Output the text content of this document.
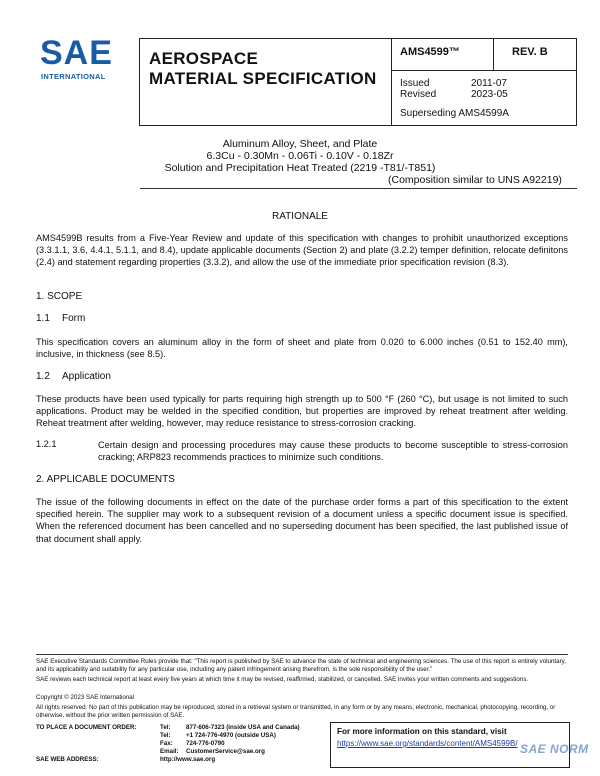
SAE
INTERNATIONAL
AEROSPACE
MATERIAL SPECIFICATION
AMS4599™	REV. B
Issued	2011-07
Revised	2023-05
Superseding AMS4599A
Aluminum Alloy, Sheet, and Plate
6.3Cu - 0.30Mn - 0.06Ti - 0.10V - 0.18Zr
Solution and Precipitation Heat Treated (2219 -T81/-T851)
(Composition similar to UNS A92219)
RATIONALE
AMS4599B results from a Five-Year Review and update of this specification with changes to prohibit unauthorized exceptions (3.3.1.1, 3.6, 4.4.1, 5.1.1, and 8.4), update applicable documents (Section 2) and plate (3.2.2) temper definition, relocate definitons (2.4) and statement regarding properties (3.3.2), and allow the use of the immediate prior specification revision (8.3).
1. SCOPE
1.1 Form
This specification covers an aluminum alloy in the form of sheet and plate from 0.020 to 6.000 inches (0.51 to 152.40 mm), inclusive, in thickness (see 8.5).
1.2 Application
These products have been used typically for parts requiring high strength up to 500 °F (260 °C), but usage is not limited to such applications. Product may be welded in the specified condition, but properties are improved by reheat treatment after welding. Reheat treatment after welding, however, may reduce resistance to stress-corrosion cracking.
1.2.1	Certain design and processing procedures may cause these products to become susceptible to stress-corrosion cracking; ARP823 recommends practices to minimize such conditions.
2. APPLICABLE DOCUMENTS
The issue of the following documents in effect on the date of the purchase order forms a part of this specification to the extent specified herein. The supplier may work to a subsequent revision of a document unless a specific document issue is specified. When the referenced document has been cancelled and no superseding document has been specified, the last published issue of that document shall apply.
SAE Executive Standards Committee Rules provide that: “This report is published by SAE to advance the state of technical and engineering sciences. The use of this report is entirely voluntary, and its applicability and suitability for any particular use, including any patent infringement arising therefrom, is the sole responsibility of the user.”
SAE reviews each technical report at least every five years at which time it may be revised, reaffirmed, stabilized, or cancelled. SAE invites your written comments and suggestions.
Copyright © 2023 SAE International
All rights reserved. No part of this publication may be reproduced, stored in a retrieval system or transmitted, in any form or by any means, electronic, mechanical, photocopying, recording, or otherwise, without the prior written permission of SAE.
TO PLACE A DOCUMENT ORDER:	Tel: 877-606-7323 (inside USA and Canada)
Tel: +1 724-776-4970 (outside USA)
Fax: 724-776-0790
Email: CustomerService@sae.org
SAE WEB ADDRESS:	http://www.sae.org
For more information on this standard, visit
https://www.sae.org/standards/content/AMS4599B/ SAE NORM
